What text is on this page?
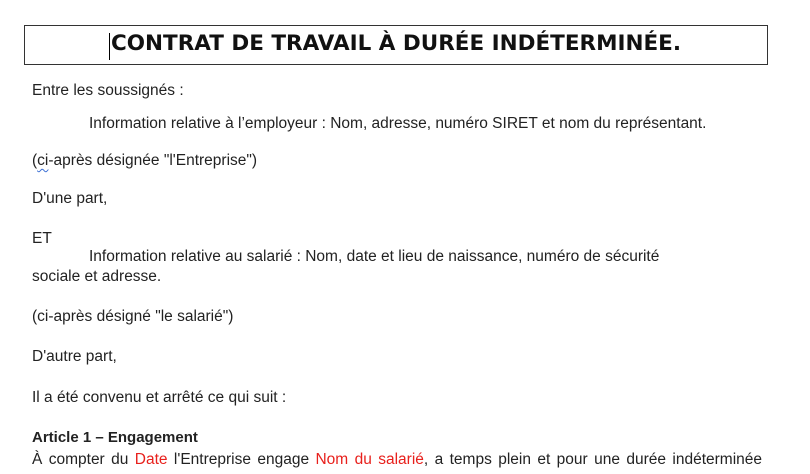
CONTRAT DE TRAVAIL À DURÉE INDÉTERMINÉE.
Entre les soussignés :
Information relative à l’employeur : Nom, adresse, numéro SIRET et nom du représentant.
(ci-après désignée "l'Entreprise")
D'une part,
ET
Information relative au salarié : Nom, date et lieu de naissance, numéro de sécurité
sociale et adresse.
(ci-après désigné "le salarié")
D'autre part,
Il a été convenu et arrêté ce qui suit :
Article 1 – Engagement
À compter du Date l'Entreprise engage Nom du salarié, a temps plein et pour une durée indéterminée
